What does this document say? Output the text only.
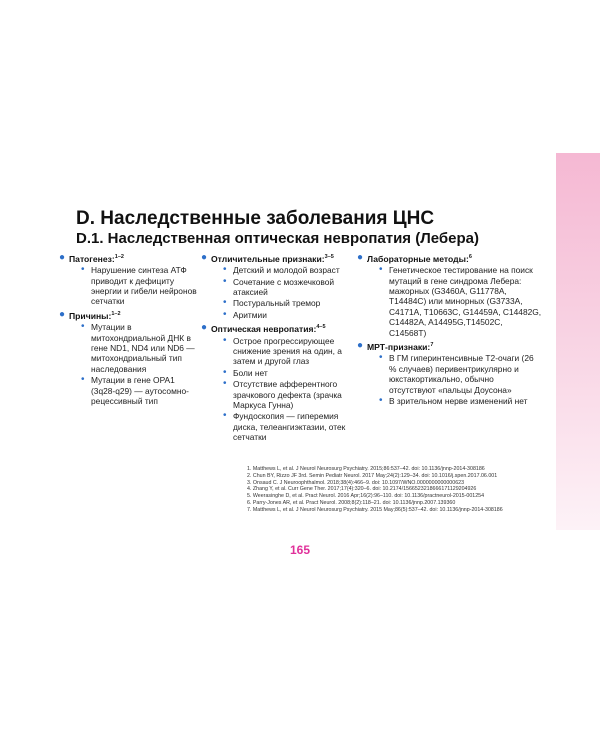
D. Наследственные заболевания ЦНС
D.1. Наследственная оптическая невропатия (Лебера)
● Патогенез:$^{1-2}$
• Нарушение синтеза АТФ приводит к дефициту энергии и гибели нейронов сетчатки
● Причины:$^{1-2}$
• Мутации в митохондриальной ДНК в гене ND1, ND4 или ND6 — митохондриальный тип наследования
• Мутации в гене OPA1 (3q28-q29) — аутосомно-рецессивный тип
● Отличительные признаки:$^{3-5}$
• Детский и молодой возраст
• Сочетание с мозжечковой атаксией
• Постуральный тремор
• Аритмии
● Оптическая невропатия:$^{4-5}$
• Острое прогрессирующее снижение зрения на один, а затем и другой глаз
• Боли нет
• Отсутствие афферентного зрачкового дефекта (зрачка Маркуса Гунна)
• Фундоскопия — гиперемия диска, телеангиэктазии, отек сетчатки
● Лабораторные методы:$^6$
• Генетическое тестирование на поиск мутаций в гене синдрома Лебера: мажорных (G3460A, G11778A, T14484C) или минорных (G3733A, C4171A, T10663C, G14459A, C14482G, C14482A, A14495G,T14502C, C14568T)
● МРТ-признаки:$^7$
• В ГМ гиперинтенсивные T2-очаги (26 % случаев) перивентрикулярно и юкстакортикально, обычно отсутствуют «пальцы Доусона»
• В зрительном нерве изменений нет
1. Matthews L, et al. J Neurol Neurosurg Psychiatry. 2015;86:537–42. doi: 10.1136/jnnp-2014-308186
2. Chun BY, Rizzo JF 3rd. Semin Pediatr Neurol. 2017 May;24(2):129–34. doi: 10.1016/j.spen.2017.06.001
3. Onsaud C. J Neuroophthalmol. 2018;38(4):466–9. doi: 10.1097/WNO.0000000000000623
4. Zhang Y, et al. Curr Gene Ther. 2017;17(4):320–6. doi: 10.2174/1566523218666171129204926
5. Weerasinghe D, et al. Pract Neurol. 2016 Apr;16(2):96–110. doi: 10.1136/practneurol-2015-001254
6. Parry-Jones AR, et al. Pract Neurol. 2008;8(2):118–21. doi: 10.1136/jnnp.2007.139360
7. Matthews L, et al. J Neurol Neurosurg Psychiatry. 2015 May;86(5):537–42. doi: 10.1136/jnnp-2014-308186
165
